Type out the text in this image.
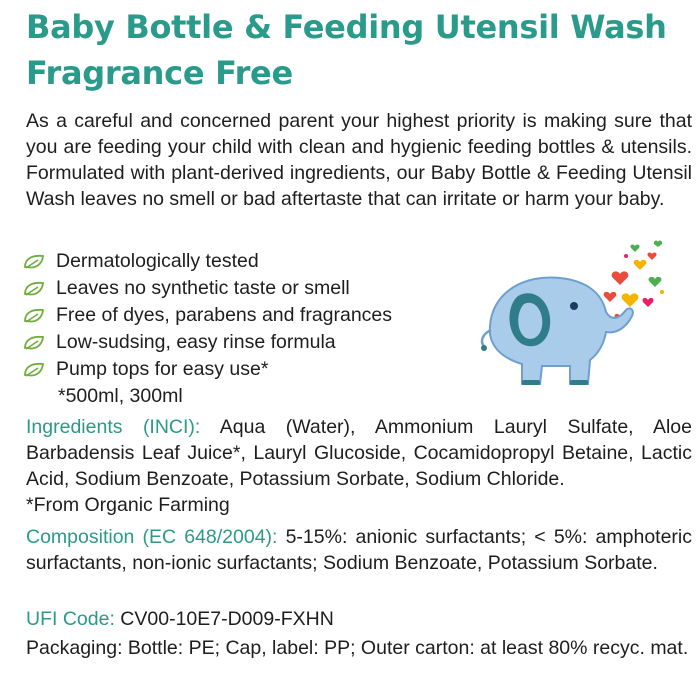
Baby Bottle & Feeding Utensil Wash Fragrance Free

As a careful and concerned parent your highest priority is making sure that you are feeding your child with clean and hygienic feeding bottles & utensils. Formulated with plant-derived ingredients, our Baby Bottle & Feeding Utensil Wash leaves no smell or bad aftertaste that can irritate or harm your baby.

Dermatologically tested
Leaves no synthetic taste or smell
Free of dyes, parabens and fragrances
Low-sudsing, easy rinse formula
Pump tops for easy use*

*500ml, 300ml

Ingredients (INCI): Aqua (Water), Ammonium Lauryl Sulfate, Aloe Barbadensis Leaf Juice*, Lauryl Glucoside, Cocamidopropyl Betaine, Lactic Acid, Sodium Benzoate, Potassium Sorbate, Sodium Chloride.
*From Organic Farming

Composition (EC 648/2004): 5-15%: anionic surfactants; < 5%: amphoteric surfactants, non-ionic surfactants; Sodium Benzoate, Potassium Sorbate.

UFI Code: CV00-10E7-D009-FXHN

Packaging: Bottle: PE; Cap, label: PP; Outer carton: at least 80% recyc. mat.
